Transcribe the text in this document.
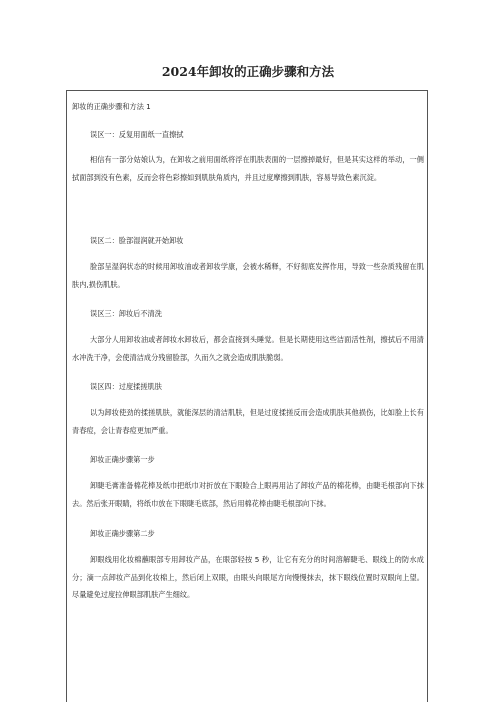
2024年卸妆的正确步骤和方法
卸妆的正确步骤和方法 1
误区一：反复用面纸一直擦拭
相信有一部分姑娘认为，在卸妆之前用面纸将浮在肌肤表面的一层擦掉最好，但是其实这样的举动，一侧拭面部到没有色素，反而会将色彩擦如到肌肤角质内，并且过度摩擦到肌肤，容易导致色素沉淀。
误区二：脸部湿润就开始卸妆
脸部呈湿润状态的时候用卸妆油或者卸妆学康，会被水稀释，不好彻底发挥作用，导致一些杂质残留在肌肤内,损伤肌肤。
误区三：卸妆后不清洗
大部分人用卸妆油或者卸妆水卸妆后，都会直接到头睡觉。但是长期使用这些洁面活性剂，擦拭后不用清水冲洗干净，会使清洁成分残留脸部，久而久之就会造成肌肤脆弱。
误区四：过度揉搓肌肤
以为卸妆使劲的揉搓肌肤，就能深层的清洁肌肤，但是过度揉搓反而会造成肌肤其他损伤，比如脸上长有青春痘，会让青春痘更加严重。
卸妆正确步骤第一步
卸睫毛膏准备棉花棒及纸巾把纸巾对折放在下眼睑合上眼再用沾了卸妆产品的棉花棒，由睫毛根部向下抹去。然后张开眼睛，将纸巾放在下眼睫毛底部，然后用棉花棒由睫毛根部向下抹。
卸妆正确步骤第二步
卸眼线用化妆棉蘸眼部专用卸妆产品，在眼部轻按 5 秒，让它有充分的时间溶解睫毛、眼线上的防水成分；滴一点卸妆产品到化妆棉上，然后闭上双眼，由眼头向眼尾方向慢慢抹去，抹下眼线位置时双眼向上望。尽量避免过度拉伸眼部肌肤产生细纹。
